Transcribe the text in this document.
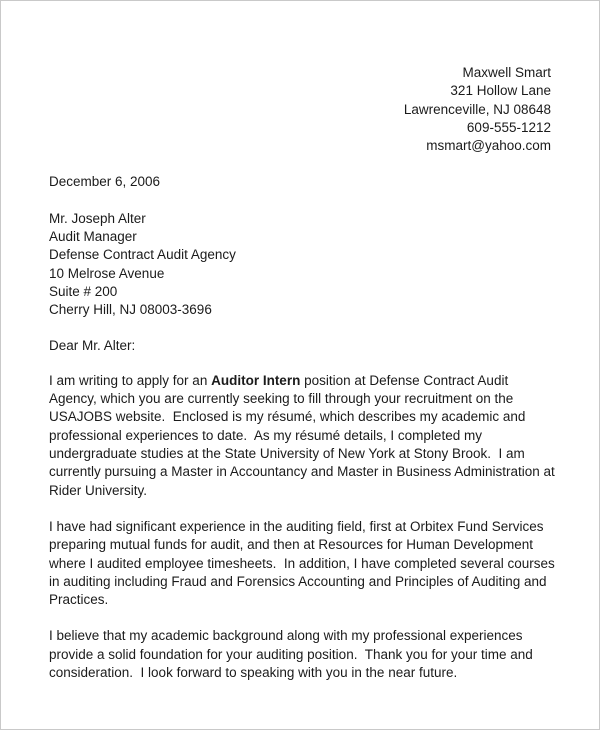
Maxwell Smart
321 Hollow Lane
Lawrenceville, NJ 08648
609-555-1212
msmart@yahoo.com
December 6, 2006
Mr. Joseph Alter
Audit Manager
Defense Contract Audit Agency
10 Melrose Avenue
Suite # 200
Cherry Hill, NJ 08003-3696
Dear Mr. Alter:

I am writing to apply for an Auditor Intern position at Defense Contract Audit Agency, which you are currently seeking to fill through your recruitment on the USAJOBS website.  Enclosed is my résumé, which describes my academic and professional experiences to date.  As my résumé details, I completed my undergraduate studies at the State University of New York at Stony Brook.  I am currently pursuing a Master in Accountancy and Master in Business Administration at Rider University.

I have had significant experience in the auditing field, first at Orbitex Fund Services preparing mutual funds for audit, and then at Resources for Human Development where I audited employee timesheets.  In addition, I have completed several courses in auditing including Fraud and Forensics Accounting and Principles of Auditing and Practices.

I believe that my academic background along with my professional experiences provide a solid foundation for your auditing position.  Thank you for your time and consideration.  I look forward to speaking with you in the near future.
